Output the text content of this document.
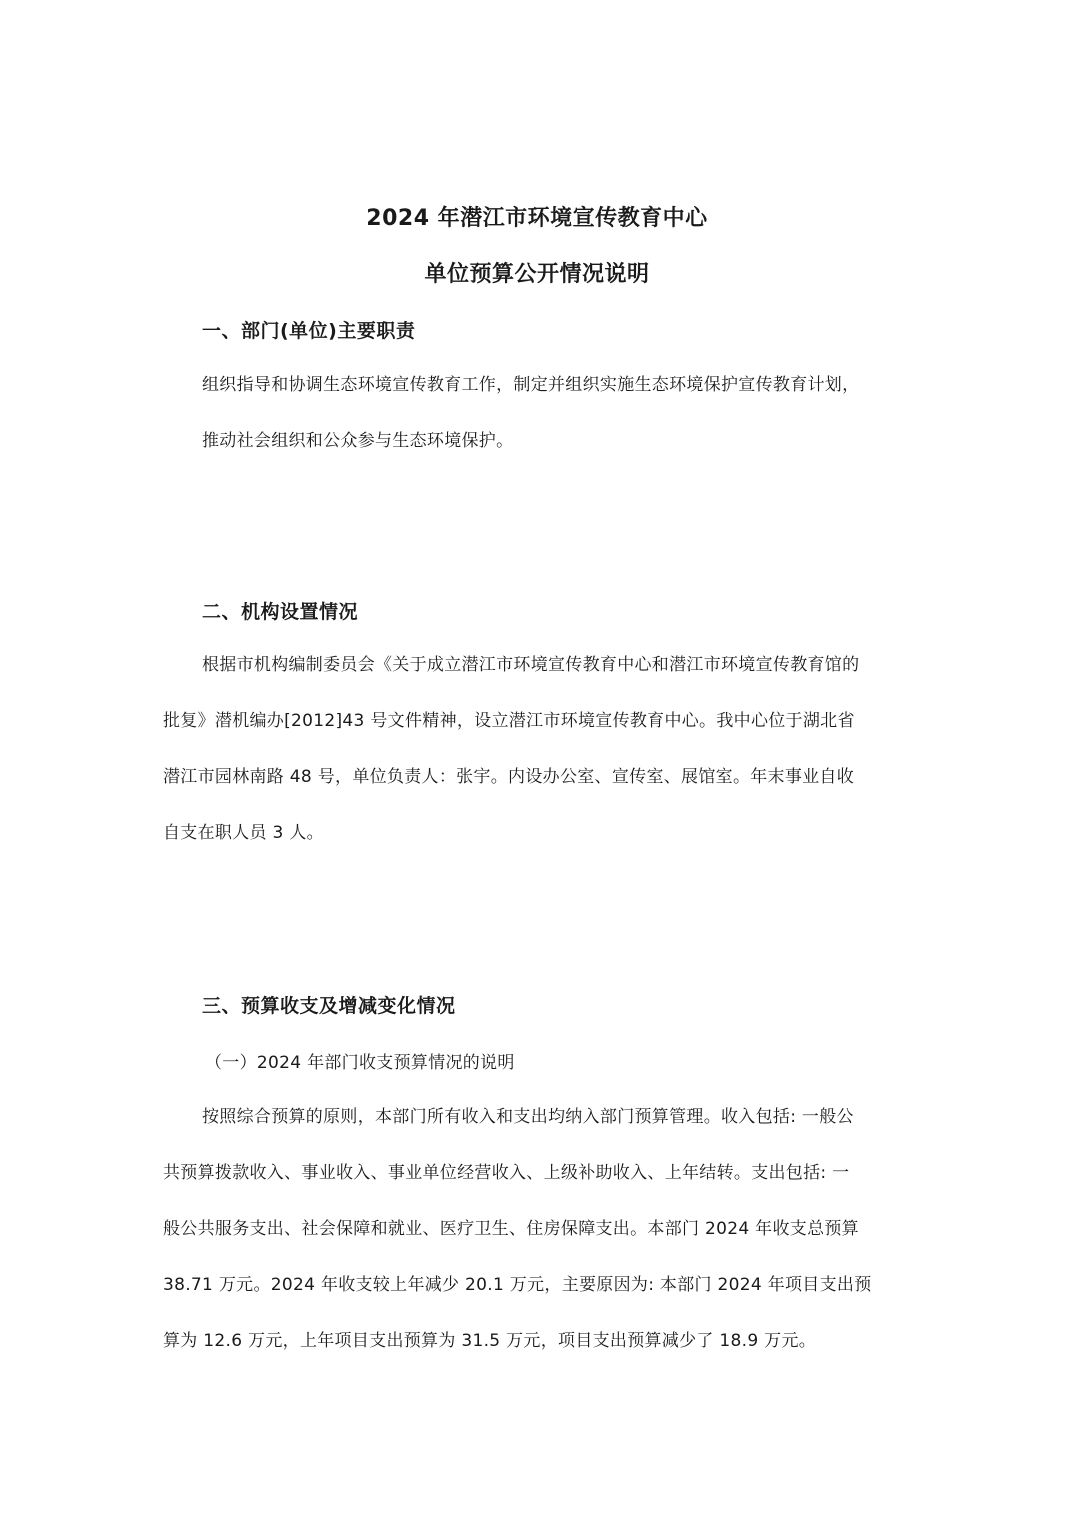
2024 年潜江市环境宣传教育中心
单位预算公开情况说明
一、部门(单位)主要职责
组织指导和协调生态环境宣传教育工作，制定并组织实施生态环境保护宣传教育计划，
推动社会组织和公众参与生态环境保护。
二、机构设置情况
根据市机构编制委员会《关于成立潜江市环境宣传教育中心和潜江市环境宣传教育馆的
批复》潜机编办[2012]43 号文件精神，设立潜江市环境宣传教育中心。我中心位于湖北省
潜江市园林南路 48 号，单位负责人：张宇。内设办公室、宣传室、展馆室。年末事业自收
自支在职人员 3 人。
三、预算收支及增减变化情况
（一）2024 年部门收支预算情况的说明
按照综合预算的原则，本部门所有收入和支出均纳入部门预算管理。收入包括: 一般公
共预算拨款收入、事业收入、事业单位经营收入、上级补助收入、上年结转。支出包括: 一
般公共服务支出、社会保障和就业、医疗卫生、住房保障支出。本部门 2024 年收支总预算
38.71 万元。2024 年收支较上年减少 20.1 万元，主要原因为: 本部门 2024 年项目支出预
算为 12.6 万元，上年项目支出预算为 31.5 万元，项目支出预算减少了 18.9 万元。
